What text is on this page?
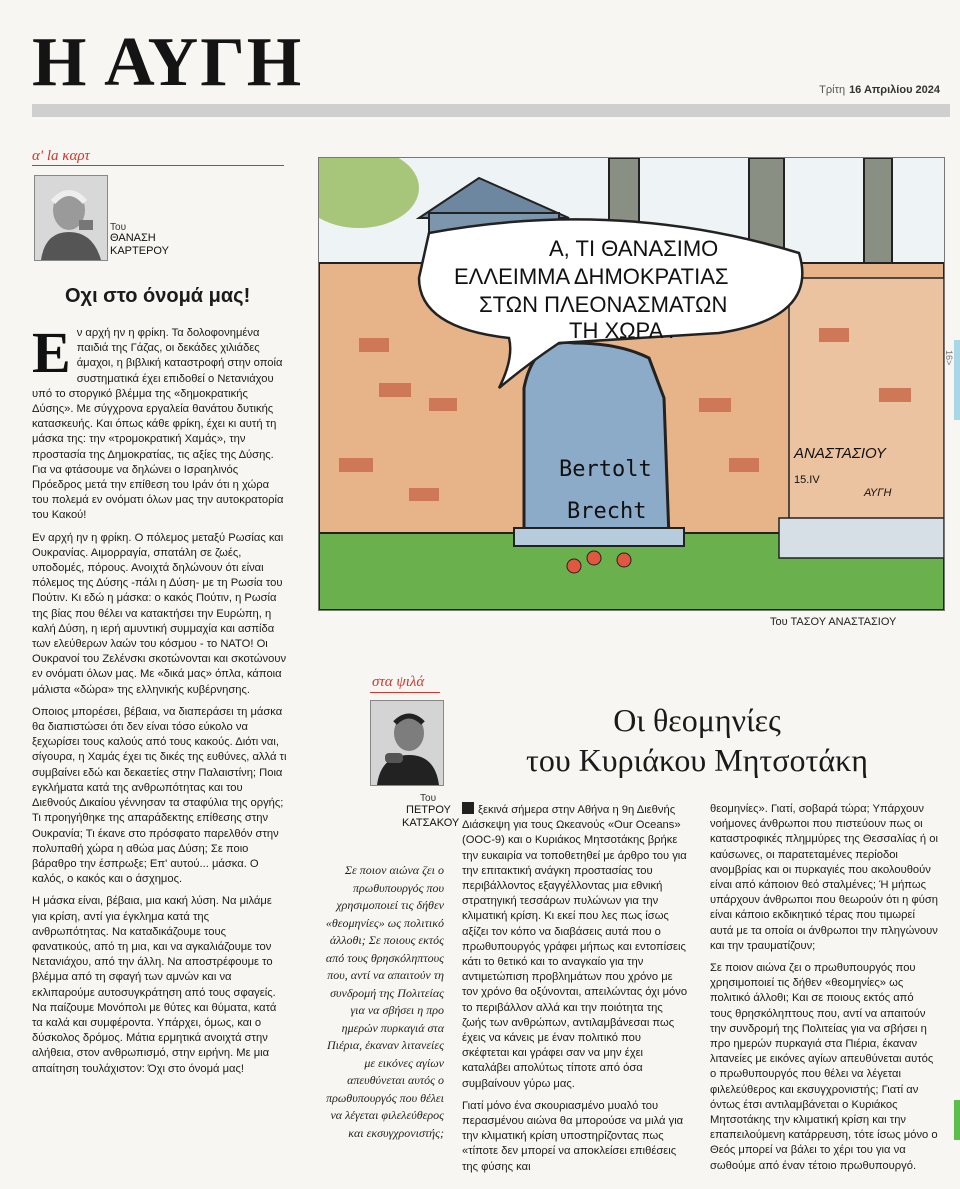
Η ΑΥΓΗ	Τρίτη 16 Απριλίου 2024
α' la καρτ
Του
ΘΑΝΑΣΗ
ΚΑΡΤΕΡΟΥ
Οχι στο όνομά μας!

Εν αρχή ην η φρίκη. Τα δολοφονημένα παιδιά της Γάζας, οι δεκάδες χιλιάδες άμαχοι, η βιβλική καταστροφή στην οποία συστηματικά έχει επιδοθεί ο Νετανιάχου υπό το στοργικό βλέμμα της «δημοκρατικής Δύσης». Με σύγχρονα εργαλεία θανάτου δυτικής κατασκευής. Και όπως κάθε φρίκη, έχει κι αυτή τη μάσκα της: την «τρομοκρατική Χαμάς», την προστασία της Δημοκρατίας, τις αξίες της Δύσης. Για να φτάσουμε να δηλώνει ο Ισραηλινός Πρόεδρος μετά την επίθεση του Ιράν ότι η χώρα του πολεμά εν ονόματι όλων μας την αυτοκρατορία του Κακού!

Εν αρχή ην η φρίκη. Ο πόλεμος μεταξύ Ρωσίας και Ουκρανίας. Αιμορραγία, σπατάλη σε ζωές, υποδομές, πόρους. Ανοιχτά δηλώνουν ότι είναι πόλεμος της Δύσης -πάλι η Δύση- με τη Ρωσία του Πούτιν. Κι εδώ η μάσκα: ο κακός Πούτιν, η Ρωσία της βίας που θέλει να κατακτήσει την Ευρώπη, η καλή Δύση, η ιερή αμυντική συμμαχία και ασπίδα των ελεύθερων λαών του κόσμου - το ΝΑΤΟ! Οι Ουκρανοί του Ζελένσκι σκοτώνονται και σκοτώνουν εν ονόματι όλων μας. Με «δικά μας» όπλα, κάποια μάλιστα «δώρα» της ελληνικής κυβέρνησης.

Οποιος μπορέσει, βέβαια, να διαπεράσει τη μάσκα θα διαπιστώσει ότι δεν είναι τόσο εύκολο να ξεχωρίσει τους καλούς από τους κακούς. Διότι ναι, σίγουρα, η Χαμάς έχει τις δικές της ευθύνες, αλλά τι συμβαίνει εδώ και δεκαετίες στην Παλαιστίνη; Ποια εγκλήματα κατά της ανθρωπότητας και του Διεθνούς Δικαίου γέννησαν τα σταφύλια της οργής; Τι προηγήθηκε της απαράδεκτης επίθεσης στην Ουκρανία; Τι έκανε στο πρόσφατο παρελθόν στην πολυπαθή χώρα η αθώα μας Δύση; Σε ποιο βάραθρο την έσπρωξε; Επ' αυτού... μάσκα. Ο καλός, ο κακός και ο άσχημος.

Η μάσκα είναι, βέβαια, μια κακή λύση. Να μιλάμε για κρίση, αντί για έγκλημα κατά της ανθρωπότητας. Να καταδικάζουμε τους φανατικούς, από τη μια, και να αγκαλιάζουμε τον Νετανιάχου, από την άλλη. Να αποστρέφουμε το βλέμμα από τη σφαγή των αμνών και να εκλιπαρούμε αυτοσυγκράτηση από τους σφαγείς. Να παίζουμε Μονόπολι με θύτες και θύματα, κατά τα καλά και συμφέροντα. Υπάρχει, όμως, και ο δύσκολος δρόμος. Μάτια ερμητικά ανοιχτά στην αλήθεια, στον ανθρωπισμό, στην ειρήνη. Με μια απαίτηση τουλάχιστον: Όχι στο όνομά μας!

Α, ΤΙ ΘΑΝΑΣΙΜΟ
ΕΛΛΕΙΜΜΑ ΔΗΜΟΚΡΑΤΙΑΣ
ΣΤΩΝ ΠΛΕΟΝΑΣΜΑΤΩΝ
ΤΗ ΧΩΡΑ .
Bertolt
Brecht
ΑΝΑΣΤΑΣΙΟΥ
15.IV
ΑΥΓΗ
Του ΤΑΣΟΥ ΑΝΑΣΤΑΣΙΟΥ
στα ψιλά
Του
ΠΕΤΡΟΥ
ΚΑΤΣΑΚΟΥ
Οι θεομηνίες
του Κυριάκου Μητσοτάκη
Σε ποιον αιώνα ζει ο πρωθυπουργός που χρησιμοποιεί τις δήθεν «θεομηνίες» ως πολιτικό άλλοθι; Σε ποιους εκτός από τους θρησκόληπτους που, αντί να απαιτούν τη συνδρομή της Πολιτείας για να σβήσει η προ ημερών πυρκαγιά στα Πιέρια, έκαναν λιτανείες με εικόνες αγίων απευθύνεται αυτός ο πρωθυπουργός που θέλει να λέγεται φιλελεύθερος και εκσυγχρονιστής;

ξεκινά σήμερα στην Αθήνα η 9η Διεθνής Διάσκεψη για τους Ωκεανούς «Our Oceans» (OOC-9) και ο Κυριάκος Μητσοτάκης βρήκε την ευκαιρία να τοποθετηθεί με άρθρο του για την επιτακτική ανάγκη προστασίας του περιβάλλοντος εξαγγέλλοντας μια εθνική στρατηγική τεσσάρων πυλώνων για την κλιματική κρίση. Κι εκεί που λες πως ίσως αξίζει τον κόπο να διαβάσεις αυτά που ο πρωθυπουργός γράφει μήπως και εντοπίσεις κάτι το θετικό και το αναγκαίο για την αντιμετώπιση προβλημάτων που χρόνο με τον χρόνο θα οξύνονται, απειλώντας όχι μόνο το περιβάλλον αλλά και την ποιότητα της ζωής των ανθρώπων, αντιλαμβάνεσαι πως έχεις να κάνεις με έναν πολιτικό που σκέφτεται και γράφει σαν να μην έχει καταλάβει απολύτως τίποτε από όσα συμβαίνουν γύρω μας.

Γιατί μόνο ένα σκουριασμένο μυαλό του περασμένου αιώνα θα μπορούσε να μιλά για την κλιματική κρίση υποστηρίζοντας πως «τίποτε δεν μπορεί να αποκλείσει επιθέσεις της φύσης και

θεομηνίες». Γιατί, σοβαρά τώρα; Υπάρχουν νοήμονες άνθρωποι που πιστεύουν πως οι καταστροφικές πλημμύρες της Θεσσαλίας ή οι καύσωνες, οι παρατεταμένες περίοδοι ανομβρίας και οι πυρκαγιές που ακολουθούν είναι από κάποιον θεό σταλμένες; Ή μήπως υπάρχουν άνθρωποι που θεωρούν ότι η φύση είναι κάποιο εκδικητικό τέρας που τιμωρεί αυτά με τα οποία οι άνθρωποι την πληγώνουν και την τραυματίζουν;

Σε ποιον αιώνα ζει ο πρωθυπουργός που χρησιμοποιεί τις δήθεν «θεομηνίες» ως πολιτικό άλλοθι; Και σε ποιους εκτός από τους θρησκόληπτους που, αντί να απαιτούν την συνδρομή της Πολιτείας για να σβήσει η προ ημερών πυρκαγιά στα Πιέρια, έκαναν λιτανείες με εικόνες αγίων απευθύνεται αυτός ο πρωθυπουργός που θέλει να λέγεται φιλελεύθερος και εκσυγχρονιστής; Γιατί αν όντως έτσι αντιλαμβάνεται ο Κυριάκος Μητσοτάκης την κλιματική κρίση και την επαπειλούμενη κατάρρευση, τότε ίσως μόνο ο Θεός μπορεί να βάλει το χέρι του για να σωθούμε από έναν τέτοιο πρωθυπουργό.

16>
